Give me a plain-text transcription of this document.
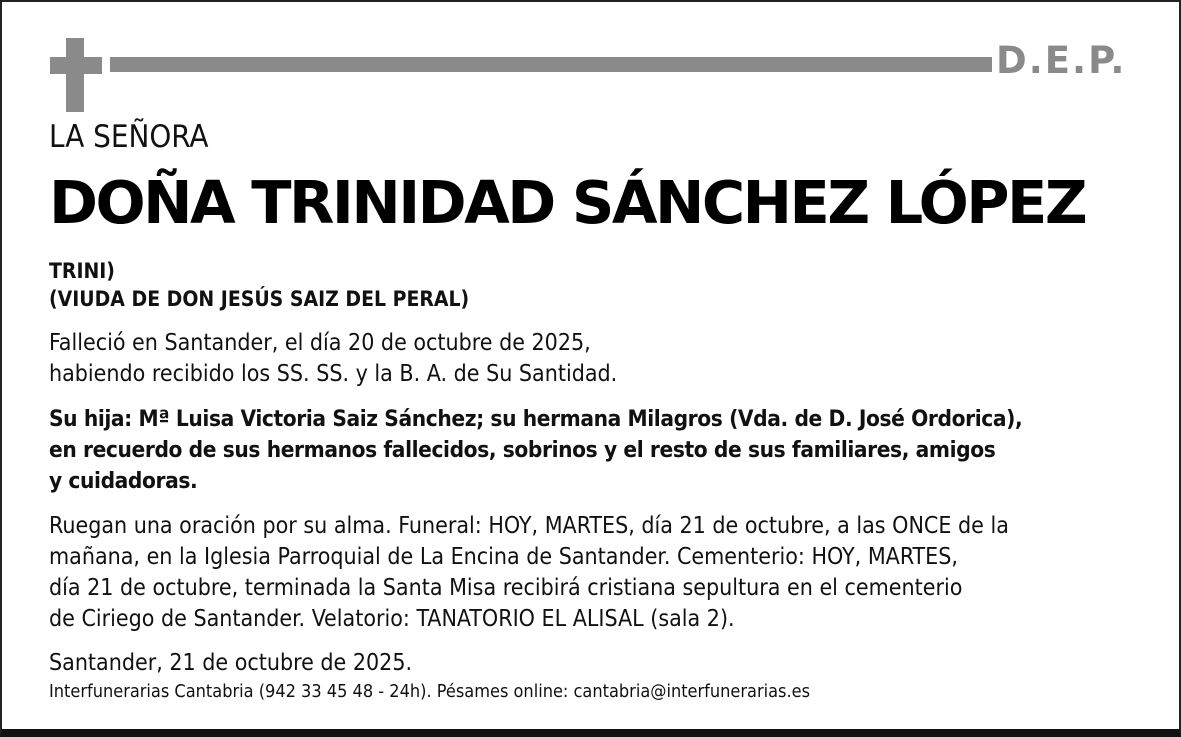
D.E.P.
LA SEÑORA
DOÑA TRINIDAD SÁNCHEZ LÓPEZ
TRINI)
(VIUDA DE DON JESÚS SAIZ DEL PERAL)
Falleció en Santander, el día 20 de octubre de 2025,
habiendo recibido los SS. SS. y la B. A. de Su Santidad.
Su hija: Mª Luisa Victoria Saiz Sánchez; su hermana Milagros (Vda. de D. José Ordorica),
en recuerdo de sus hermanos fallecidos, sobrinos y el resto de sus familiares, amigos
y cuidadoras.
Ruegan una oración por su alma. Funeral: HOY, MARTES, día 21 de octubre, a las ONCE de la
mañana, en la Iglesia Parroquial de La Encina de Santander. Cementerio: HOY, MARTES,
día 21 de octubre, terminada la Santa Misa recibirá cristiana sepultura en el cementerio
de Ciriego de Santander. Velatorio: TANATORIO EL ALISAL (sala 2).
Santander, 21 de octubre de 2025.
Interfunerarias Cantabria (942 33 45 48 - 24h). Pésames online: cantabria@interfunerarias.es
